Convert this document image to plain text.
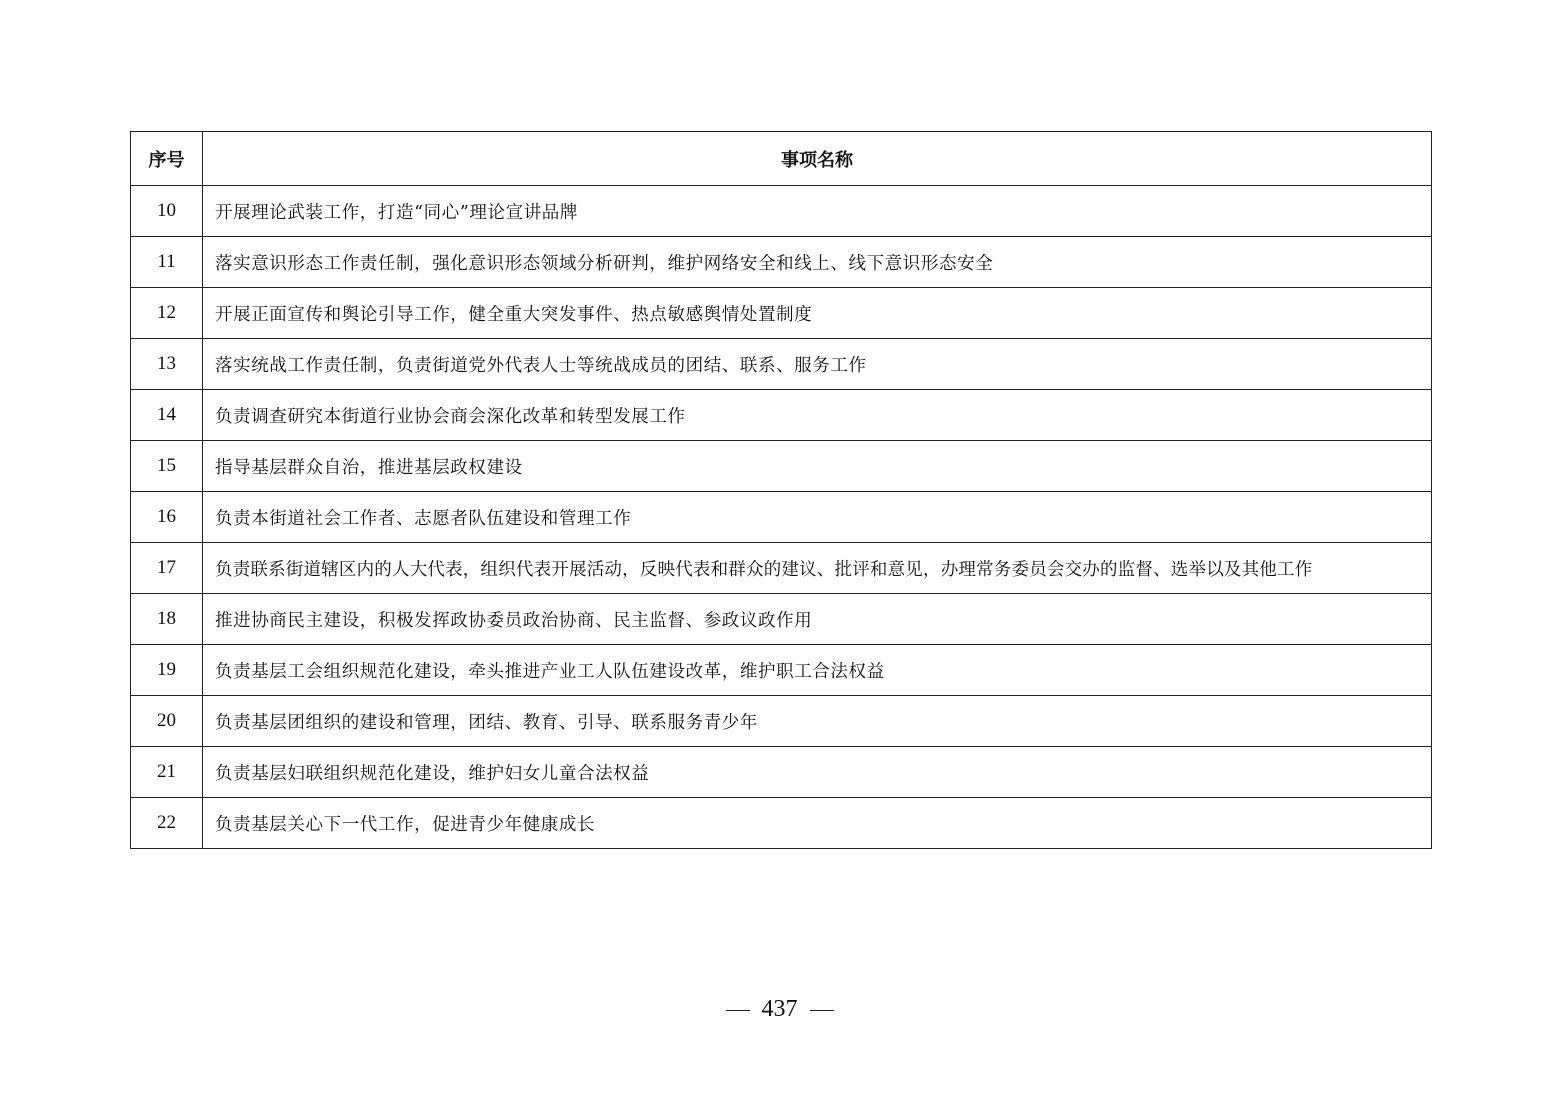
序号	事项名称
10	开展理论武装工作，打造“同心”理论宣讲品牌
11	落实意识形态工作责任制，强化意识形态领域分析研判，维护网络安全和线上、线下意识形态安全
12	开展正面宣传和舆论引导工作，健全重大突发事件、热点敏感舆情处置制度
13	落实统战工作责任制，负责街道党外代表人士等统战成员的团结、联系、服务工作
14	负责调查研究本街道行业协会商会深化改革和转型发展工作
15	指导基层群众自治，推进基层政权建设
16	负责本街道社会工作者、志愿者队伍建设和管理工作
17	负责联系街道辖区内的人大代表，组织代表开展活动，反映代表和群众的建议、批评和意见，办理常务委员会交办的监督、选举以及其他工作
18	推进协商民主建设，积极发挥政协委员政治协商、民主监督、参政议政作用
19	负责基层工会组织规范化建设，牵头推进产业工人队伍建设改革，维护职工合法权益
20	负责基层团组织的建设和管理，团结、教育、引导、联系服务青少年
21	负责基层妇联组织规范化建设，维护妇女儿童合法权益
22	负责基层关心下一代工作，促进青少年健康成长
437
